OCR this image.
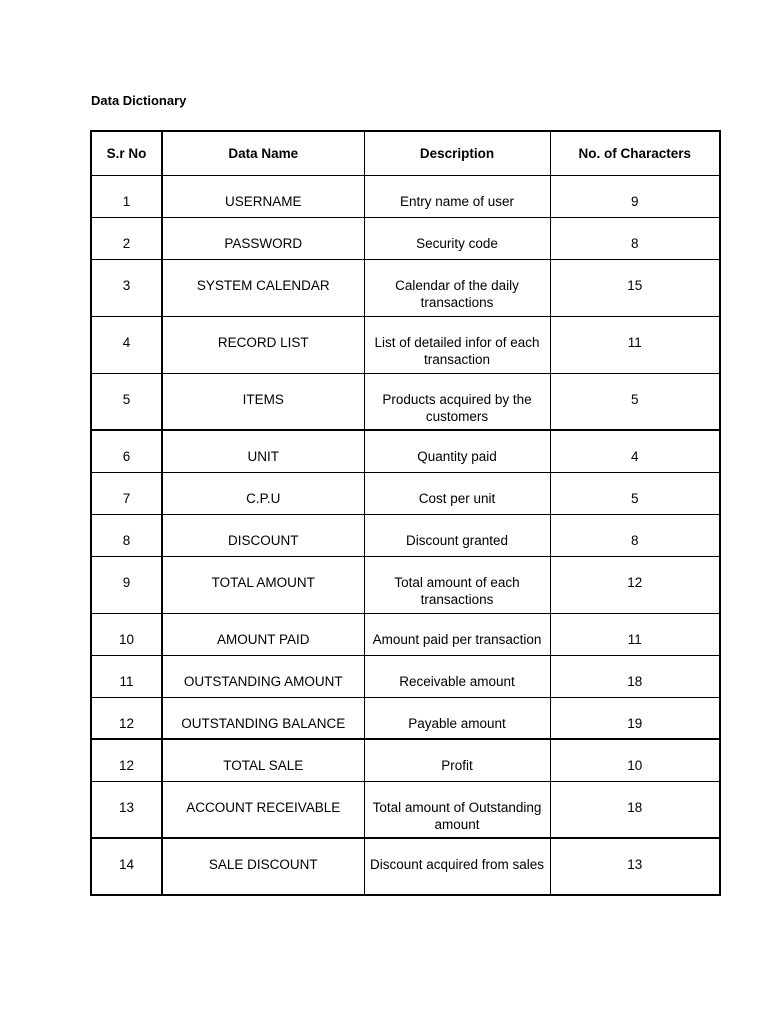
Data Dictionary
S.r No	Data Name	Description	No. of Characters
1	USERNAME	Entry name of user	9
2	PASSWORD	Security code	8
3	SYSTEM CALENDAR	Calendar of the daily transactions	15
4	RECORD LIST	List of detailed infor of each transaction	11
5	ITEMS	Products acquired by the customers	5
6	UNIT	Quantity paid	4
7	C.P.U	Cost per unit	5
8	DISCOUNT	Discount granted	8
9	TOTAL AMOUNT	Total amount of each transactions	12
10	AMOUNT PAID	Amount paid per transaction	11
11	OUTSTANDING AMOUNT	Receivable amount	18
12	OUTSTANDING BALANCE	Payable amount	19
12	TOTAL SALE	Profit	10
13	ACCOUNT RECEIVABLE	Total amount of Outstanding amount	18
14	SALE DISCOUNT	Discount acquired from sales	13
